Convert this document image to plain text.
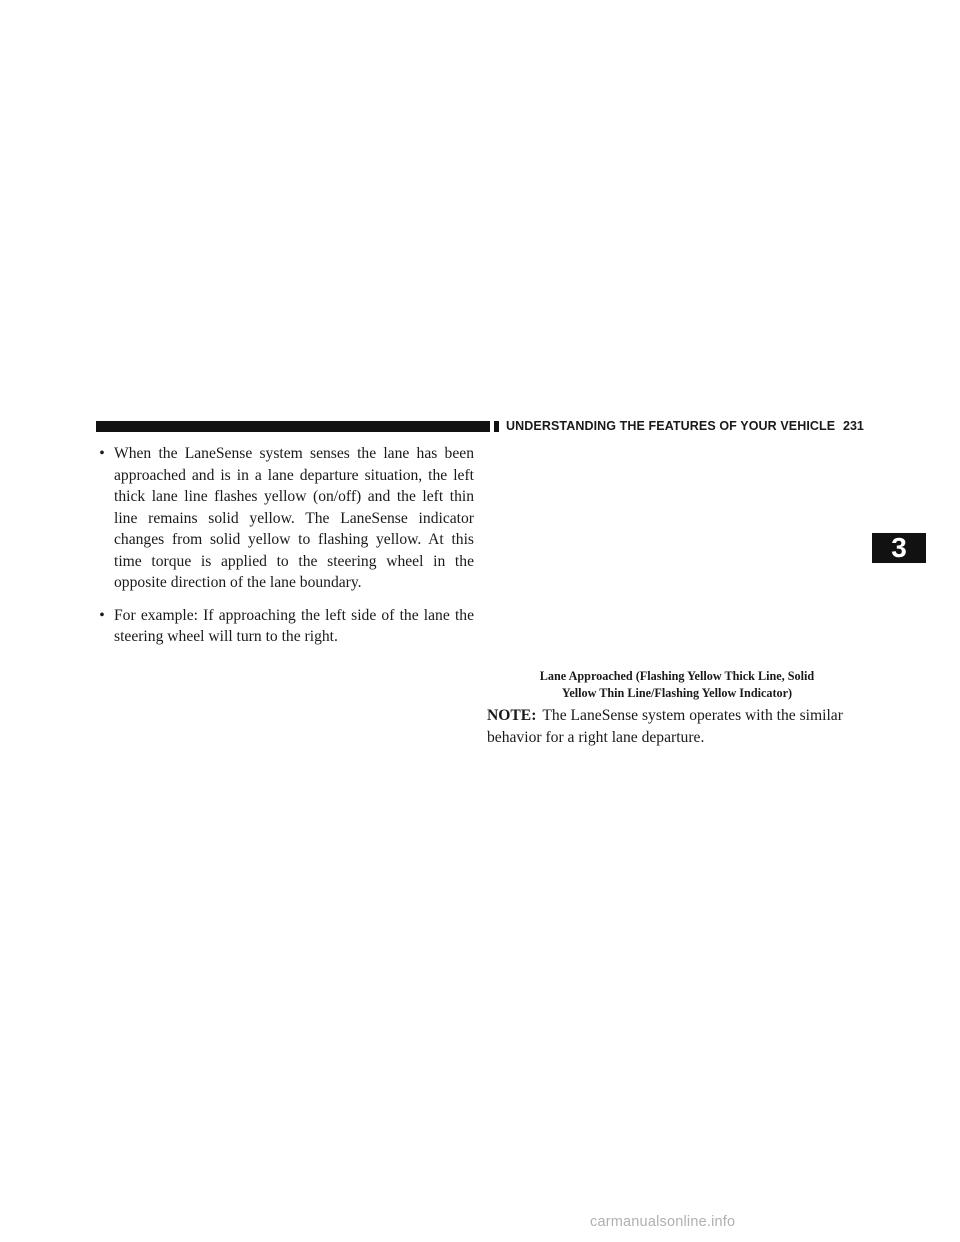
UNDERSTANDING THE FEATURES OF YOUR VEHICLE 231
• When the LaneSense system senses the lane has been approached and is in a lane departure situation, the left thick lane line flashes yellow (on/off) and the left thin line remains solid yellow. The LaneSense indicator changes from solid yellow to flashing yellow. At this time torque is applied to the steering wheel in the opposite direction of the lane boundary.
• For example: If approaching the left side of the lane the steering wheel will turn to the right.
Lane Approached (Flashing Yellow Thick Line, Solid
Yellow Thin Line/Flashing Yellow Indicator)
NOTE: The LaneSense system operates with the similar behavior for a right lane departure.
3
carmanualsonline.info
